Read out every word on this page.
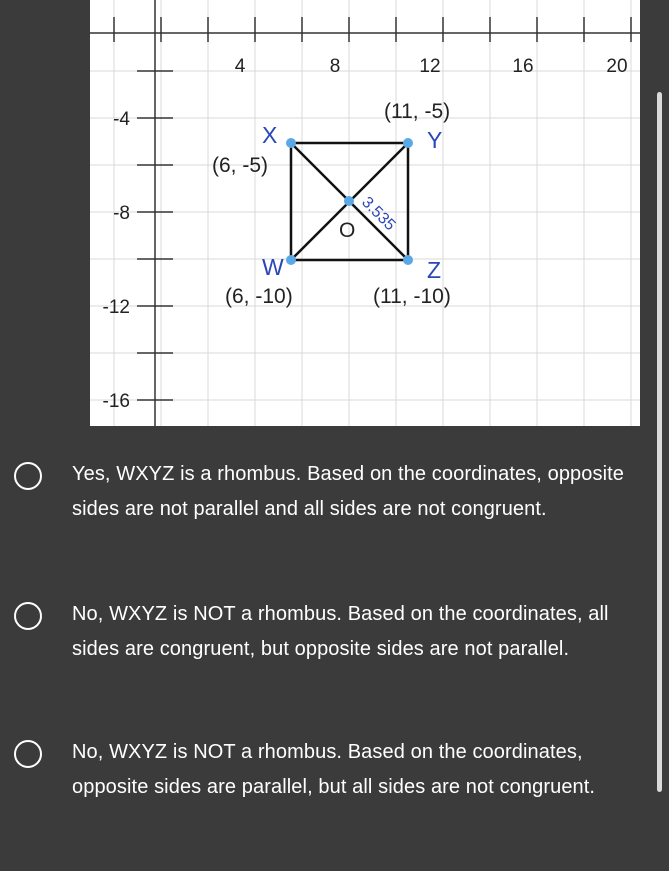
4	8	12	16	20
-4
-8
-12
-16
X	Y
W	Z
O
(6, -5)
(11, -5)
(6, -10)	(11, -10)
3.535
Yes, WXYZ is a rhombus. Based on the coordinates, opposite sides are not parallel and all sides are not congruent.
No, WXYZ is NOT a rhombus. Based on the coordinates, all sides are congruent, but opposite sides are not parallel.
No, WXYZ is NOT a rhombus. Based on the coordinates, opposite sides are parallel, but all sides are not congruent.
